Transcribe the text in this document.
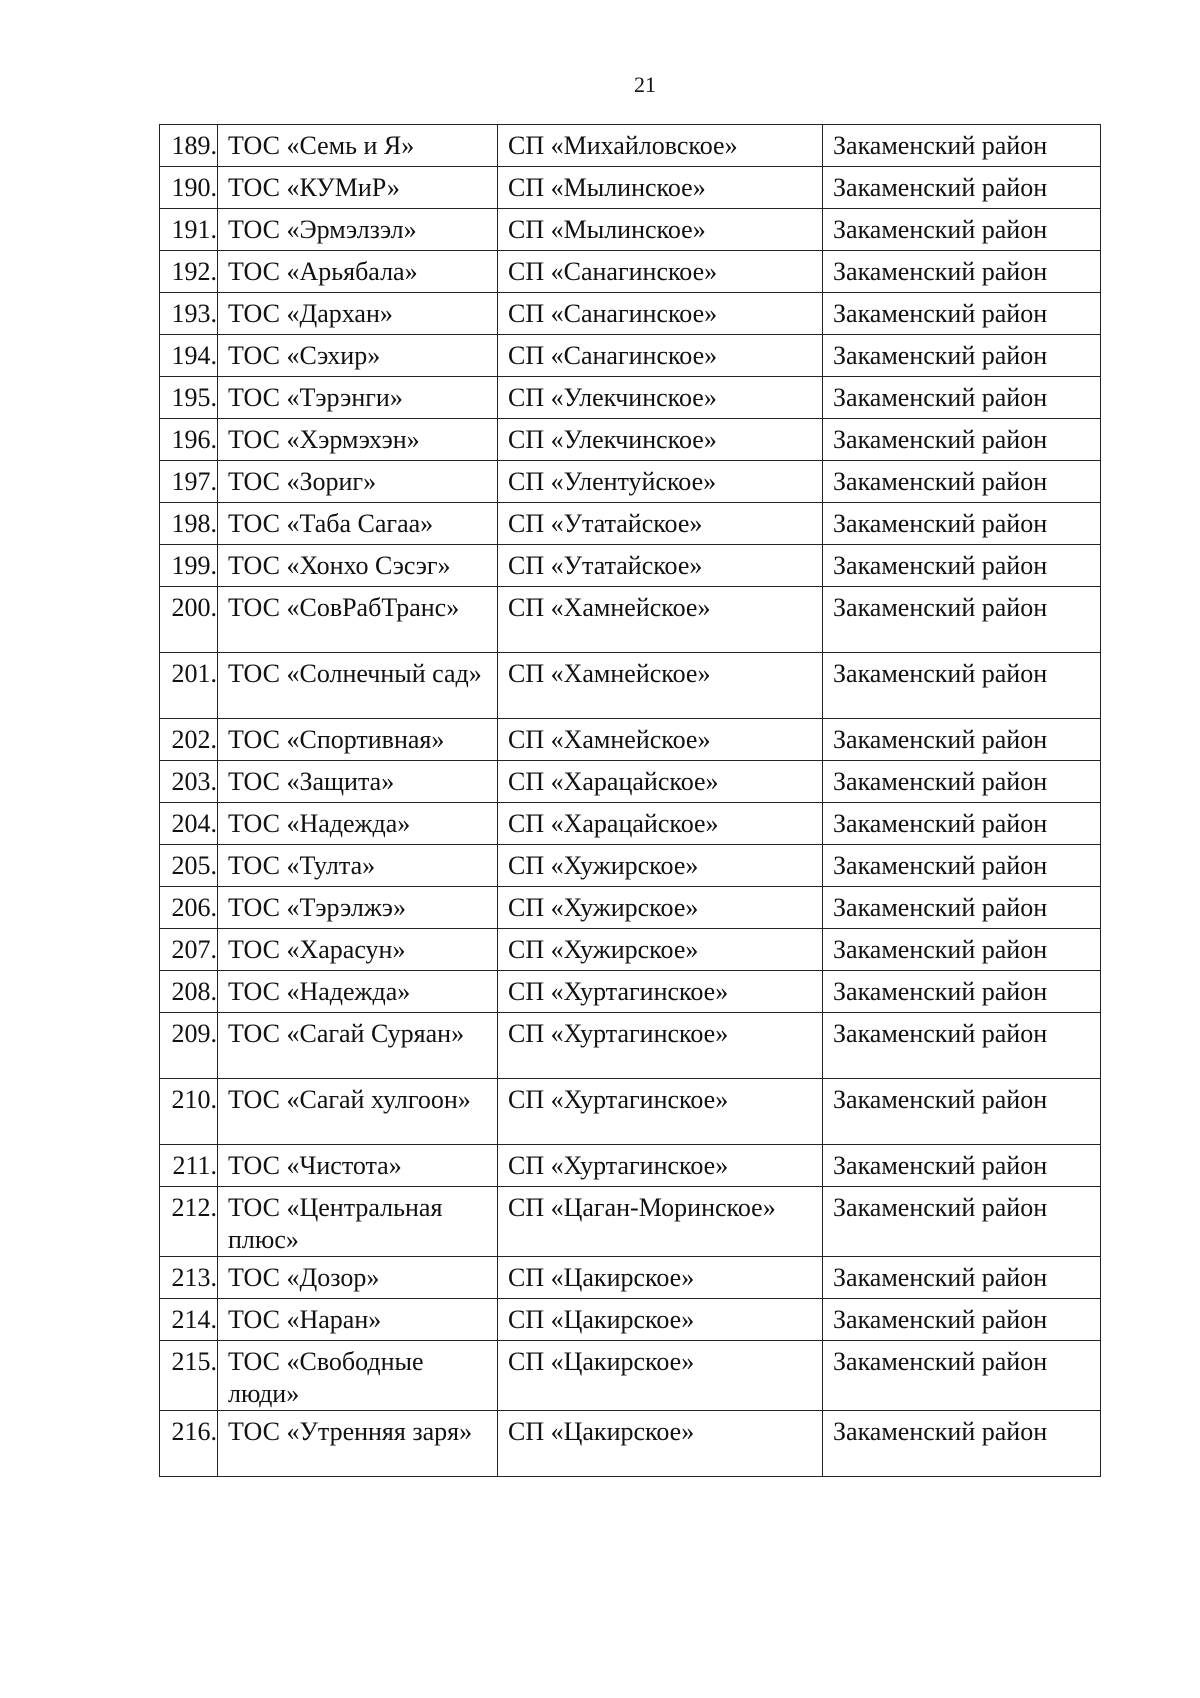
21
189.	ТОС «Семь и Я»	СП «Михайловское»	Закаменский район
190.	ТОС «КУМиР»	СП «Мылинское»	Закаменский район
191.	ТОС «Эрмэлзэл»	СП «Мылинское»	Закаменский район
192.	ТОС «Арьябала»	СП «Санагинское»	Закаменский район
193.	ТОС «Дархан»	СП «Санагинское»	Закаменский район
194.	ТОС «Сэхир»	СП «Санагинское»	Закаменский район
195.	ТОС «Тэрэнги»	СП «Улекчинское»	Закаменский район
196.	ТОС «Хэрмэхэн»	СП «Улекчинское»	Закаменский район
197.	ТОС «Зориг»	СП «Улентуйское»	Закаменский район
198.	ТОС «Таба Сагаа»	СП «Утатайское»	Закаменский район
199.	ТОС «Хонхо Сэсэг»	СП «Утатайское»	Закаменский район
200.	ТОС «СовРабТранс»	СП «Хамнейское»	Закаменский район
201.	ТОС «Солнечный сад»	СП «Хамнейское»	Закаменский район
202.	ТОС «Спортивная»	СП «Хамнейское»	Закаменский район
203.	ТОС «Защита»	СП «Харацайское»	Закаменский район
204.	ТОС «Надежда»	СП «Харацайское»	Закаменский район
205.	ТОС «Тулта»	СП «Хужирское»	Закаменский район
206.	ТОС «Тэрэлжэ»	СП «Хужирское»	Закаменский район
207.	ТОС «Харасун»	СП «Хужирское»	Закаменский район
208.	ТОС «Надежда»	СП «Хуртагинское»	Закаменский район
209.	ТОС «Сагай Суряан»	СП «Хуртагинское»	Закаменский район
210.	ТОС «Сагай хулгоон»	СП «Хуртагинское»	Закаменский район
211.	ТОС «Чистота»	СП «Хуртагинское»	Закаменский район
212.	ТОС «Центральная плюс»	СП «Цаган-Моринское»	Закаменский район
213.	ТОС «Дозор»	СП «Цакирское»	Закаменский район
214.	ТОС «Наран»	СП «Цакирское»	Закаменский район
215.	ТОС «Свободные люди»	СП «Цакирское»	Закаменский район
216.	ТОС «Утренняя заря»	СП «Цакирское»	Закаменский район
